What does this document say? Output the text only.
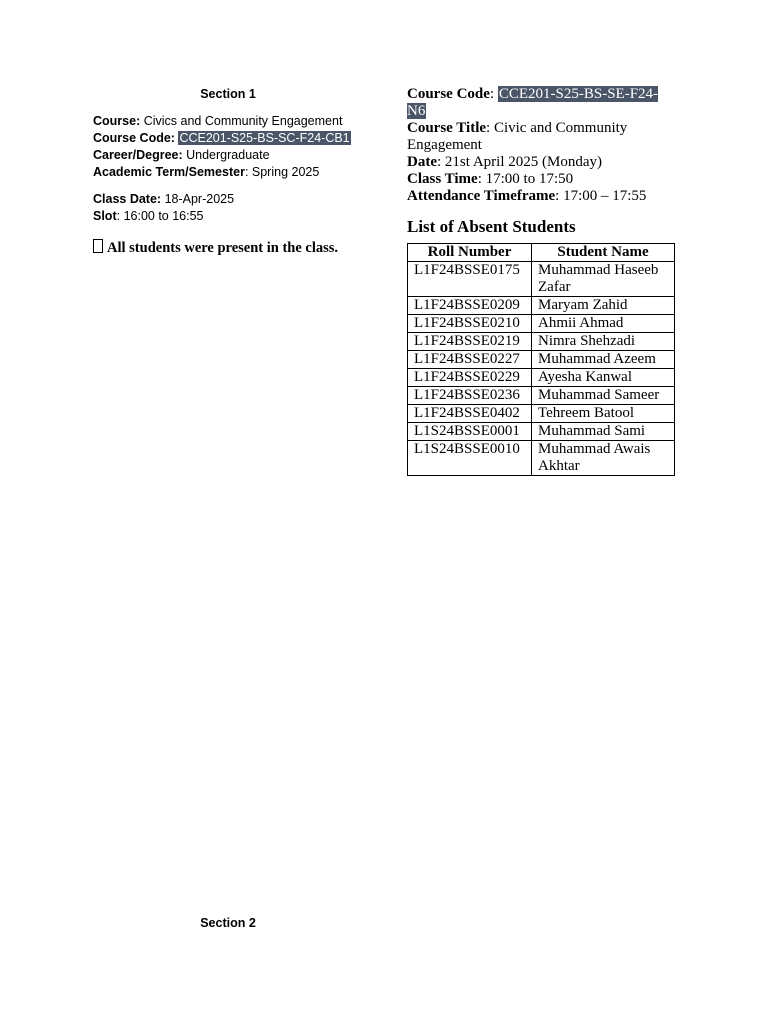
Section 1
Course: Civics and Community Engagement
Course Code: CCE201-S25-BS-SC-F24-CB1
Career/Degree: Undergraduate
Academic Term/Semester: Spring 2025
Class Date: 18-Apr-2025
Slot: 16:00 to 16:55
All students were present in the class.

Course Code: CCE201-S25-BS-SE-F24-N6

Course Title: Civic and Community Engagement

Date: 21st April 2025 (Monday)

Class Time: 17:00 to 17:50

Attendance Timeframe: 17:00 – 17:55

List of Absent Students
Roll Number	Student Name
L1F24BSSE0175	Muhammad Haseeb Zafar
L1F24BSSE0209	Maryam Zahid
L1F24BSSE0210	Ahmii Ahmad
L1F24BSSE0219	Nimra Shehzadi
L1F24BSSE0227	Muhammad Azeem
L1F24BSSE0229	Ayesha Kanwal
L1F24BSSE0236	Muhammad Sameer
L1F24BSSE0402	Tehreem Batool
L1S24BSSE0001	Muhammad Sami
L1S24BSSE0010	Muhammad Awais Akhtar
Section 2
